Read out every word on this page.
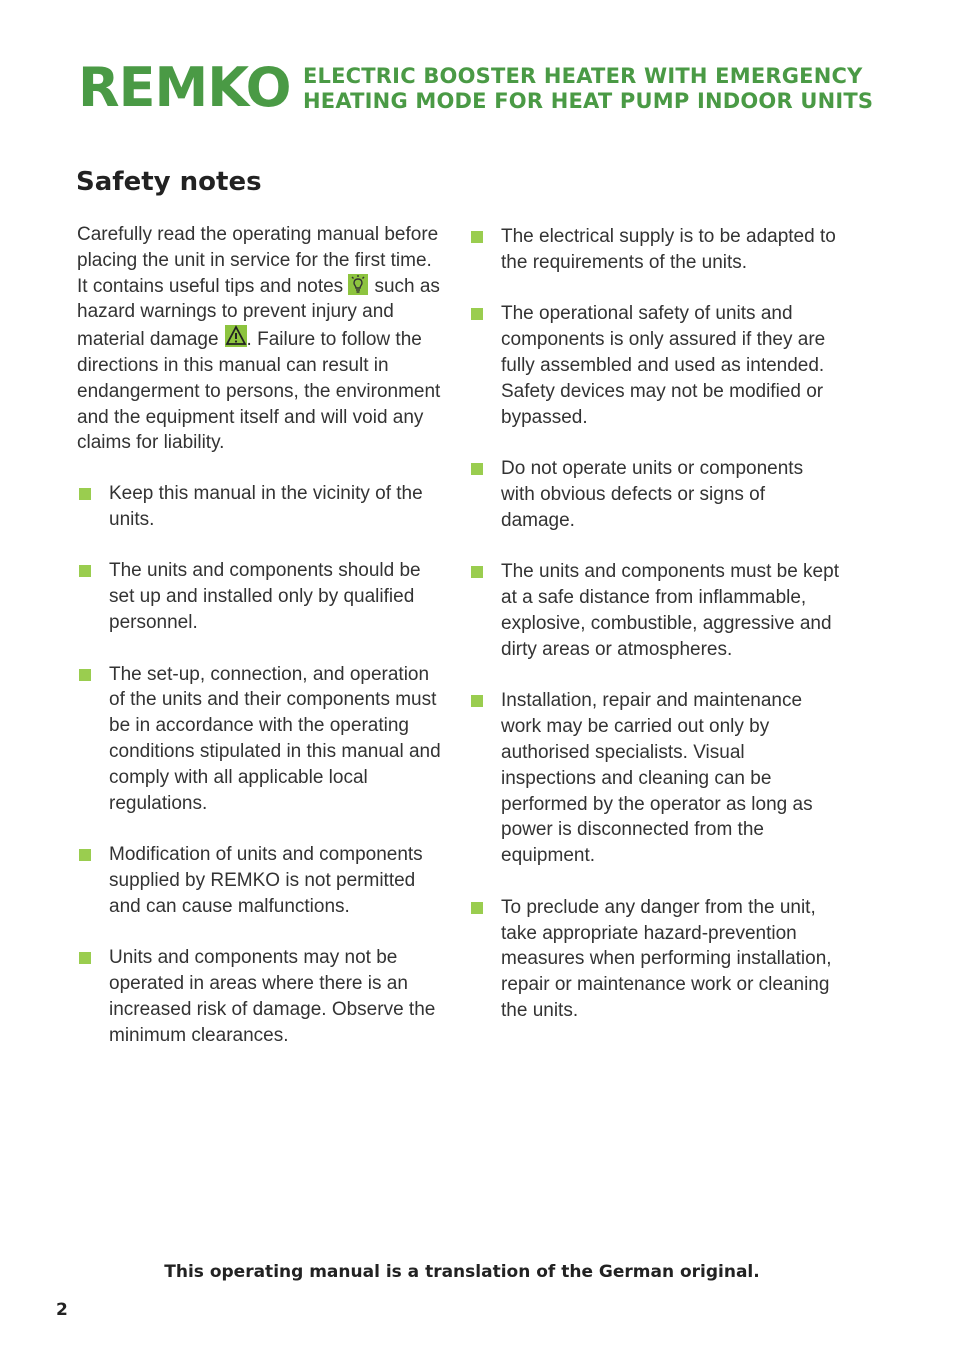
REMKO ELECTRIC BOOSTER HEATER WITH EMERGENCY
HEATING MODE FOR HEAT PUMP INDOOR UNITS
Safety notes

Carefully read the operating manual before placing the unit in service for the first time. It contains useful tips and notes such as hazard warnings to prevent injury and material damage . Failure to follow the directions in this manual can result in endangerment to persons, the environment and the equipment itself and will void any claims for liability.

Keep this manual in the vicinity of the units.
The units and components should be set up and installed only by qualified personnel.
The set-up, connection, and operation of the units and their components must be in accordance with the operating conditions stipulated in this manual and comply with all applicable local regulations.
Modification of units and components supplied by REMKO is not permitted and can cause malfunctions.
Units and components may not be operated in areas where there is an increased risk of damage. Observe the minimum clearances.
The electrical supply is to be adapted to the requirements of the units.
The operational safety of units and components is only assured if they are fully assembled and used as intended. Safety devices may not be modified or bypassed.
Do not operate units or components with obvious defects or signs of damage.
The units and components must be kept at a safe distance from inflammable, explosive, combustible, aggressive and dirty areas or atmospheres.
Installation, repair and maintenance work may be carried out only by authorised specialists. Visual inspections and cleaning can be performed by the operator as long as power is disconnected from the equipment.
To preclude any danger from the unit, take appropriate hazard-prevention measures when performing installation, repair or maintenance work or cleaning the units.
This operating manual is a translation of the German original.
2
